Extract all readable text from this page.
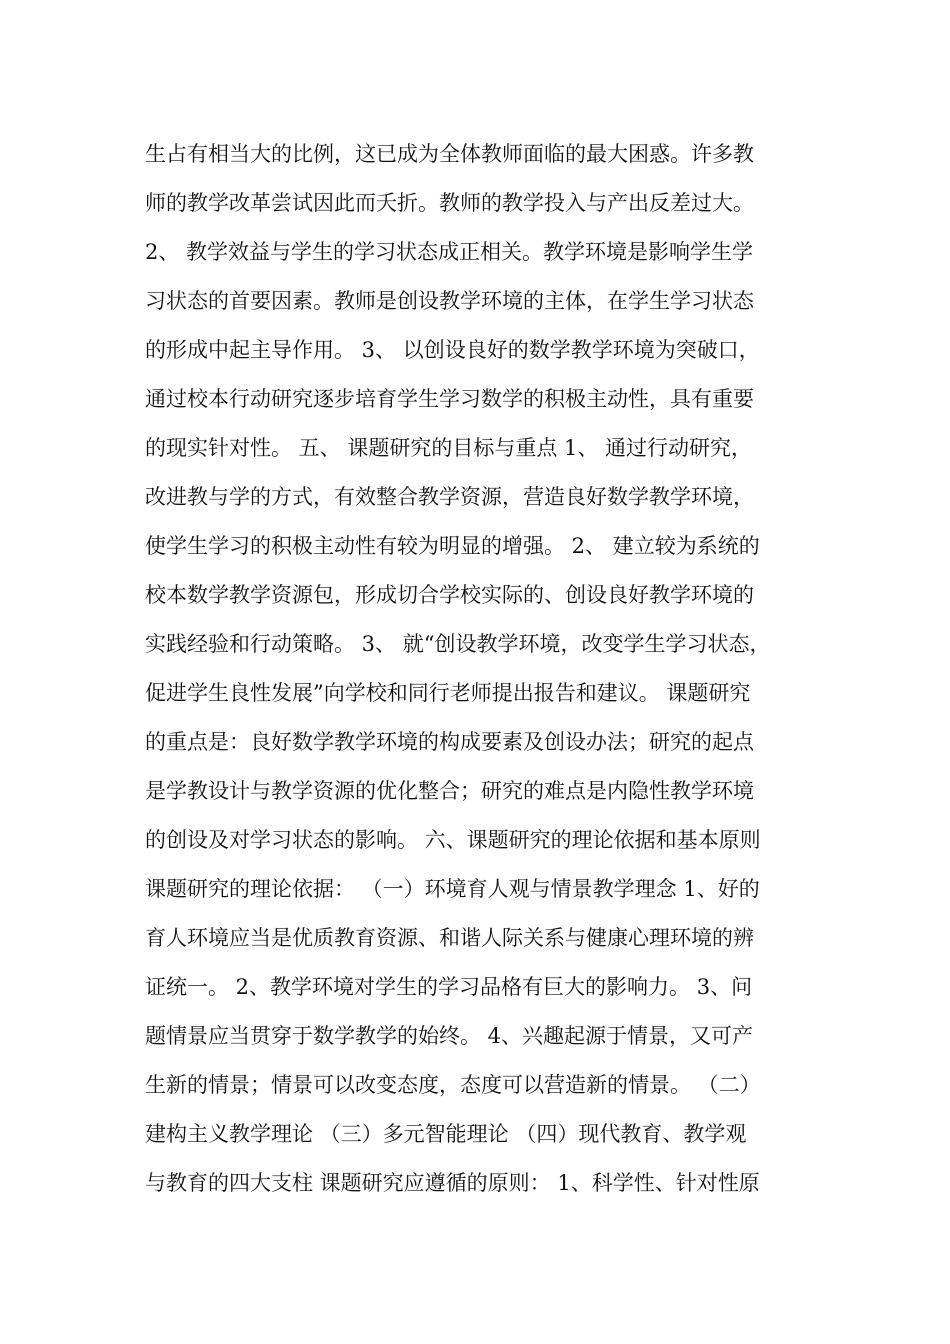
生占有相当大的比例，这已成为全体教师面临的最大困惑。许多教
师的教学改革尝试因此而夭折。教师的教学投入与产出反差过大。
2、 教学效益与学生的学习状态成正相关。教学环境是影响学生学
习状态的首要因素。教师是创设教学环境的主体，在学生学习状态
的形成中起主导作用。 3、 以创设良好的数学教学环境为突破口，
通过校本行动研究逐步培育学生学习数学的积极主动性，具有重要
的现实针对性。 五、 课题研究的目标与重点 1、 通过行动研究，
改进教与学的方式，有效整合教学资源，营造良好数学教学环境，
使学生学习的积极主动性有较为明显的增强。 2、 建立较为系统的
校本数学教学资源包，形成切合学校实际的、创设良好教学环境的
实践经验和行动策略。 3、 就“创设教学环境，改变学生学习状态，
促进学生良性发展”向学校和同行老师提出报告和建议。 课题研究
的重点是：良好数学教学环境的构成要素及创设办法；研究的起点
是学教设计与教学资源的优化整合；研究的难点是内隐性教学环境
的创设及对学习状态的影响。 六、课题研究的理论依据和基本原则
课题研究的理论依据： （一）环境育人观与情景教学理念 1、好的
育人环境应当是优质教育资源、和谐人际关系与健康心理环境的辨
证统一。 2、教学环境对学生的学习品格有巨大的影响力。 3、问
题情景应当贯穿于数学教学的始终。 4、兴趣起源于情景，又可产
生新的情景；情景可以改变态度，态度可以营造新的情景。 （二）
建构主义教学理论 （三）多元智能理论 （四）现代教育、教学观
与教育的四大支柱 课题研究应遵循的原则： 1、科学性、针对性原
